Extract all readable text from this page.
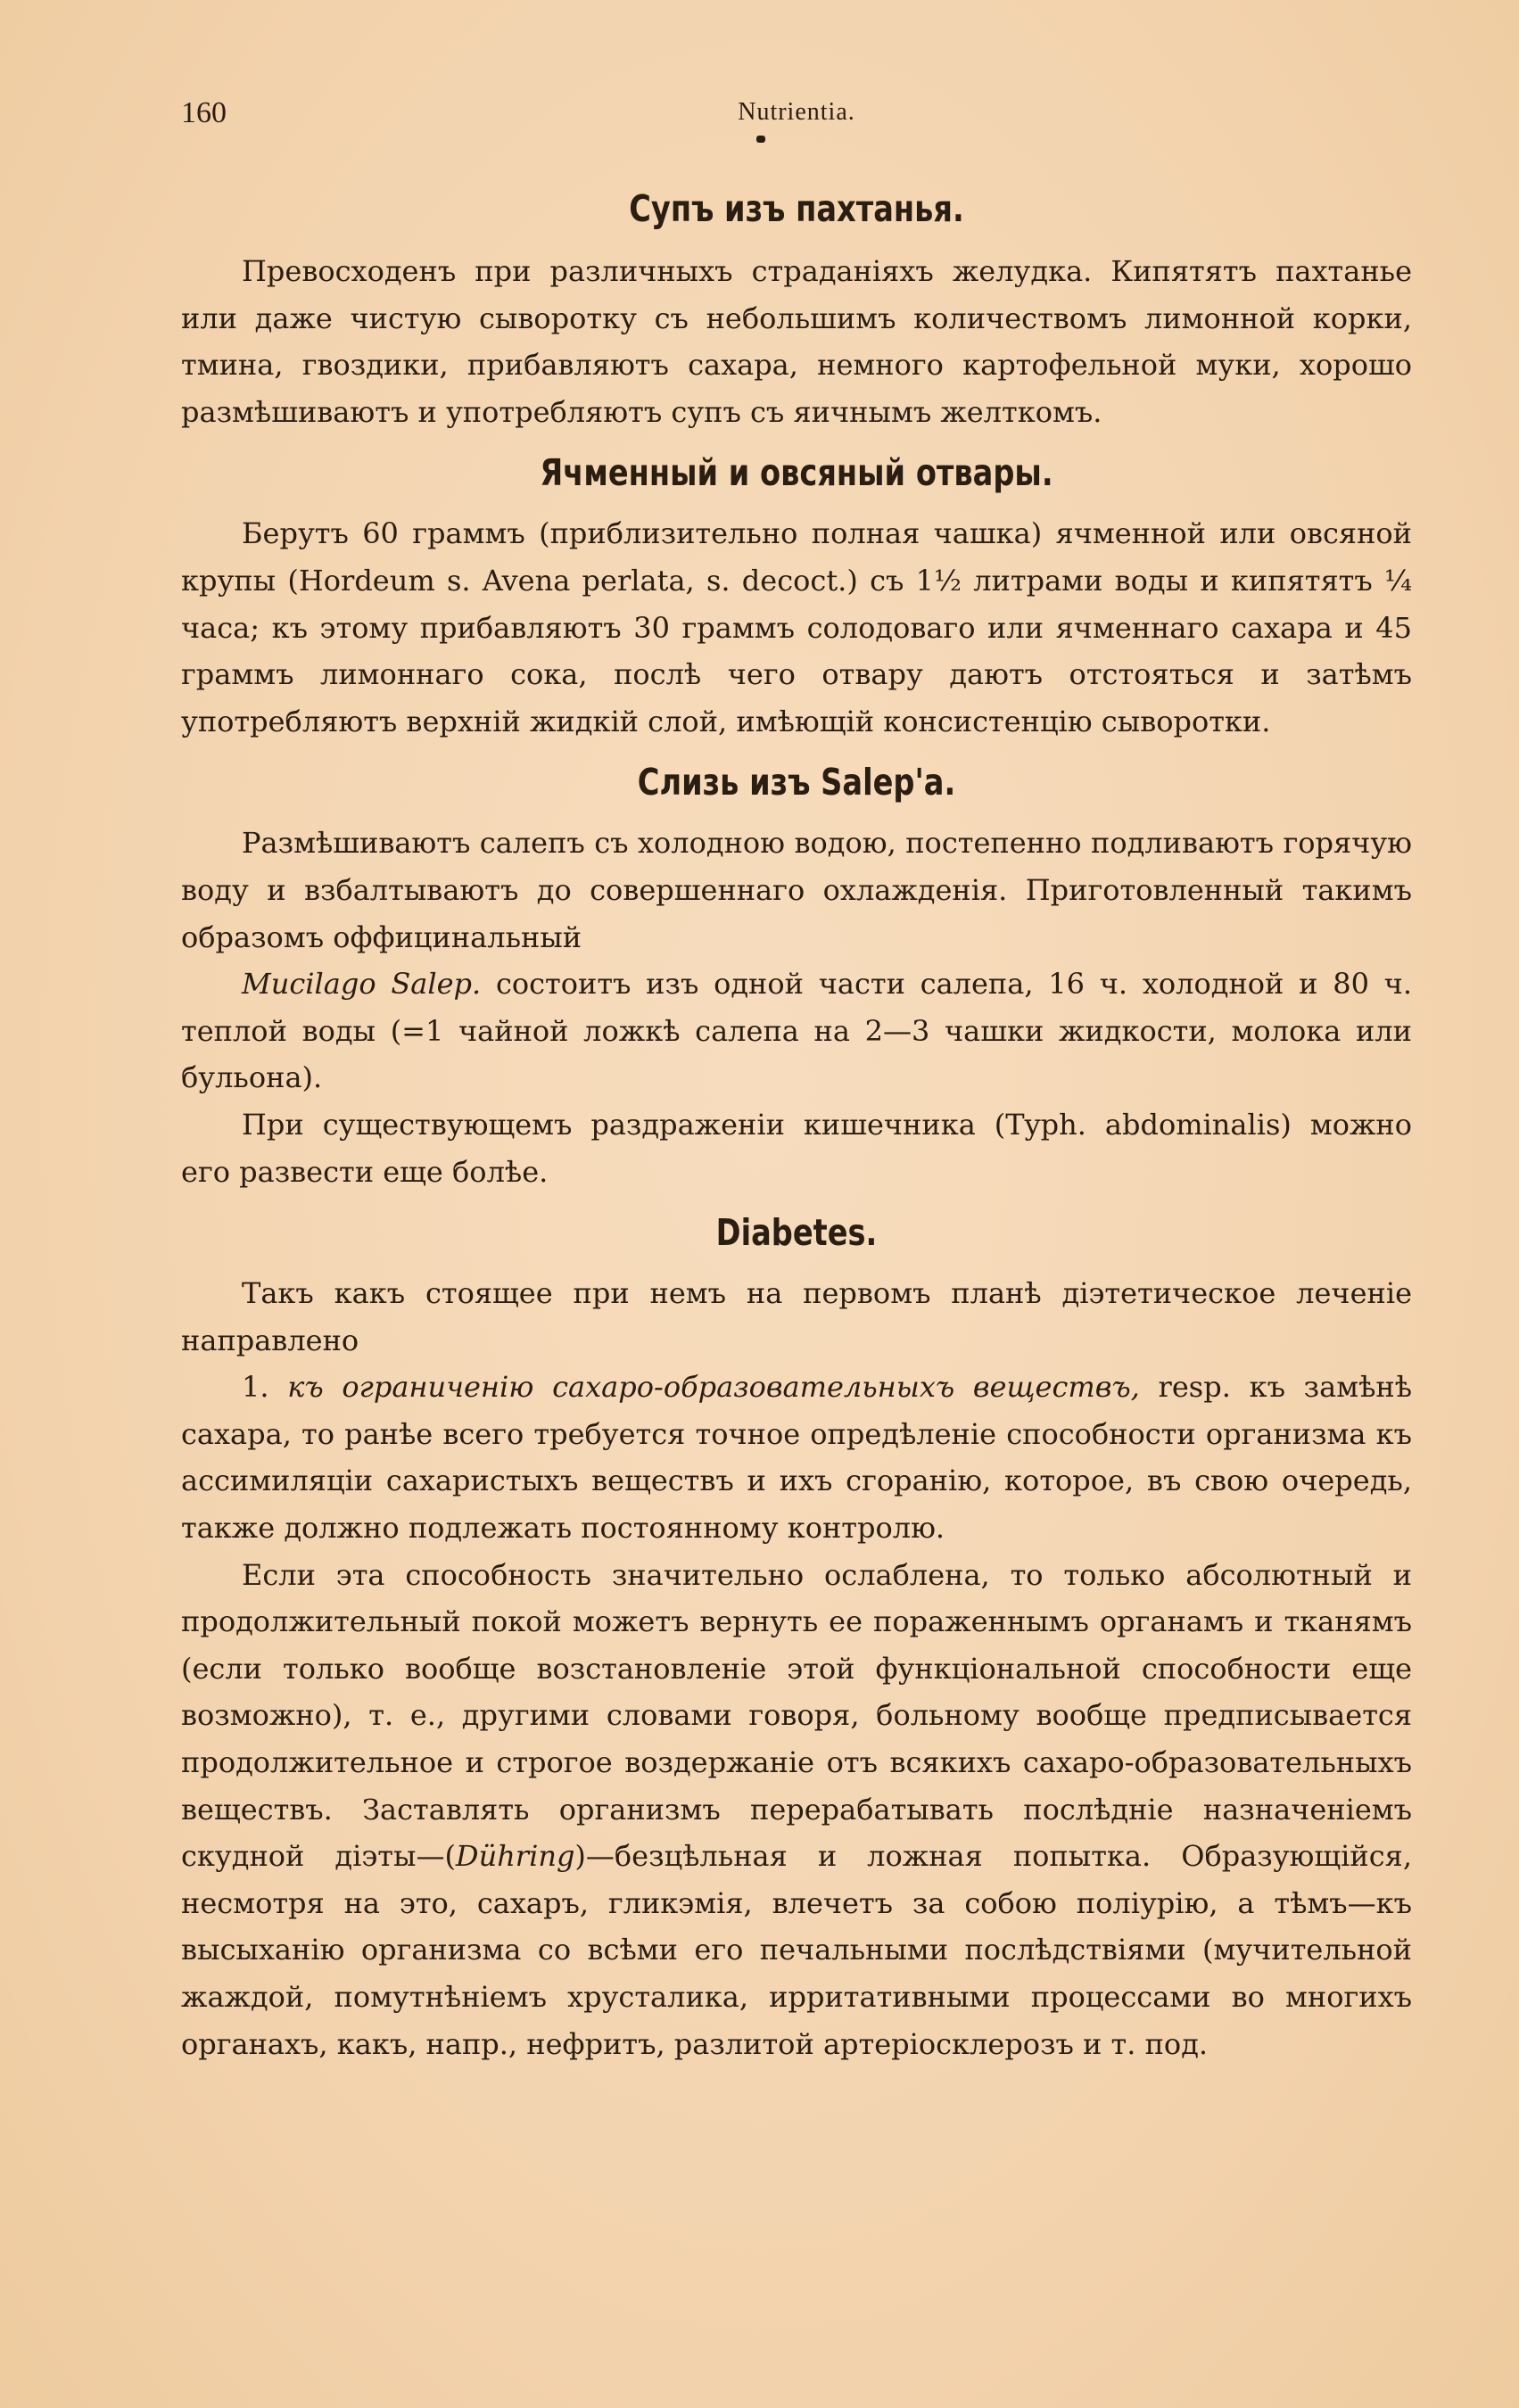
160	Nutrientia.
Супъ изъ пахтанья.

Превосходенъ при различныхъ страданіяхъ желудка. Кипятятъ пахтанье или даже чистую сыворотку съ небольшимъ количествомъ лимонной корки, тмина, гвоздики, прибавляютъ сахара, немного картофельной муки, хорошо размѣшиваютъ и употребляютъ супъ съ яичнымъ желткомъ.

Ячменный и овсяный отвары.

Берутъ 60 граммъ (приблизительно полная чашка) ячменной или овсяной крупы (Hordeum s. Avena perlata, s. decoct.) съ 1½ литрами воды и кипятятъ ¼ часа; къ этому прибавляютъ 30 граммъ солодоваго или ячменнаго сахара и 45 граммъ лимоннаго сока, послѣ чего отвару даютъ отстояться и затѣмъ употребляютъ верхній жидкій слой, имѣющій консистенцію сыворотки.

Слизь изъ Salep'a.

Размѣшиваютъ салепъ съ холодною водою, постепенно подливаютъ горячую воду и взбалтываютъ до совершеннаго охлажденія. Приготовленный такимъ образомъ оффицинальный

Mucilago Salep. состоитъ изъ одной части салепа, 16 ч. холодной и 80 ч. теплой воды (=1 чайной ложкѣ салепа на 2—3 чашки жидкости, молока или бульона).

При существующемъ раздраженіи кишечника (Typh. abdominalis) можно его развести еще болѣе.

Diabetes.

Такъ какъ стоящее при немъ на первомъ планѣ діэтетическое леченіе направлено

1. къ ограниченію сахаро-образовательныхъ веществъ, resp. къ замѣнѣ сахара, то ранѣе всего требуется точное опредѣленіе способности организма къ ассимиляціи сахаристыхъ веществъ и ихъ сгоранію, которое, въ свою очередь, также должно подлежать постоянному контролю.

Если эта способность значительно ослаблена, то только абсолютный и продолжительный покой можетъ вернуть ее пораженнымъ органамъ и тканямъ (если только вообще возстановленіе этой функціональной способности еще возможно), т. е., другими словами говоря, больному вообще предписывается продолжительное и строгое воздержаніе отъ всякихъ сахаро-образовательныхъ веществъ. Заставлять организмъ перерабатывать послѣдніе назначеніемъ скудной діэты—(Dühring)—безцѣльная и ложная попытка. Образующійся, несмотря на это, сахаръ, гликэмія, влечетъ за собою поліурію, а тѣмъ—къ высыханію организма со всѣми его печальными послѣдствіями (мучительной жаждой, помутнѣніемъ хрусталика, ирритативными процессами во многихъ органахъ, какъ, напр., нефритъ, разлитой артеріосклерозъ и т. под.
